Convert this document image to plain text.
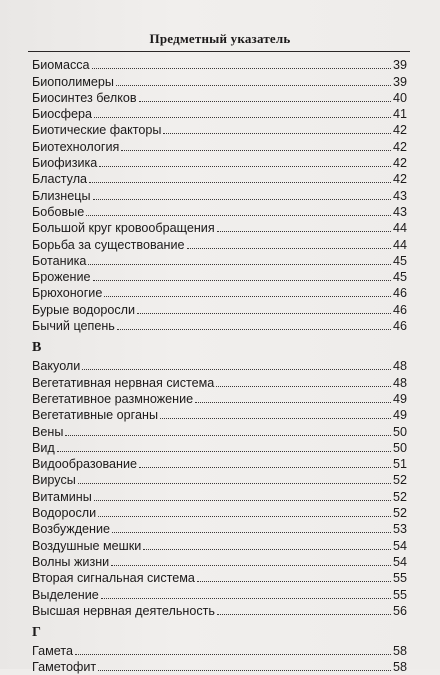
Предметный указатель
Биомасса	39
Биополимеры	39
Биосинтез белков	40
Биосфера	41
Биотические факторы	42
Биотехнология	42
Биофизика	42
Бластула	42
Близнецы	43
Бобовые	43
Большой круг кровообращения	44
Борьба за существование	44
Ботаника	45
Брожение	45
Брюхоногие	46
Бурые водоросли	46
Бычий цепень	46
В
Вакуоли	48
Вегетативная нервная система	48
Вегетативное размножение	49
Вегетативные органы	49
Вены	50
Вид	50
Видообразование	51
Вирусы	52
Витамины	52
Водоросли	52
Возбуждение	53
Воздушные мешки	54
Волны жизни	54
Вторая сигнальная система	55
Выделение	55
Высшая нервная деятельность	56
Г
Гамета	58
Гаметофит	58
